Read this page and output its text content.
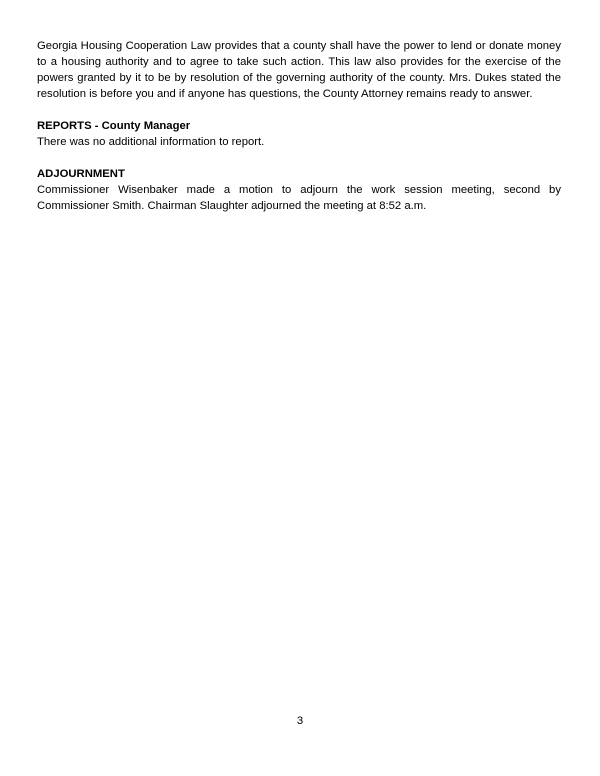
Georgia Housing Cooperation Law provides that a county shall have the power to lend or donate money to a housing authority and to agree to take such action. This law also provides for the exercise of the powers granted by it to be by resolution of the governing authority of the county. Mrs. Dukes stated the resolution is before you and if anyone has questions, the County Attorney remains ready to answer.

REPORTS - County Manager

There was no additional information to report.

ADJOURNMENT

Commissioner Wisenbaker made a motion to adjourn the work session meeting, second by Commissioner Smith. Chairman Slaughter adjourned the meeting at 8:52 a.m.

3
